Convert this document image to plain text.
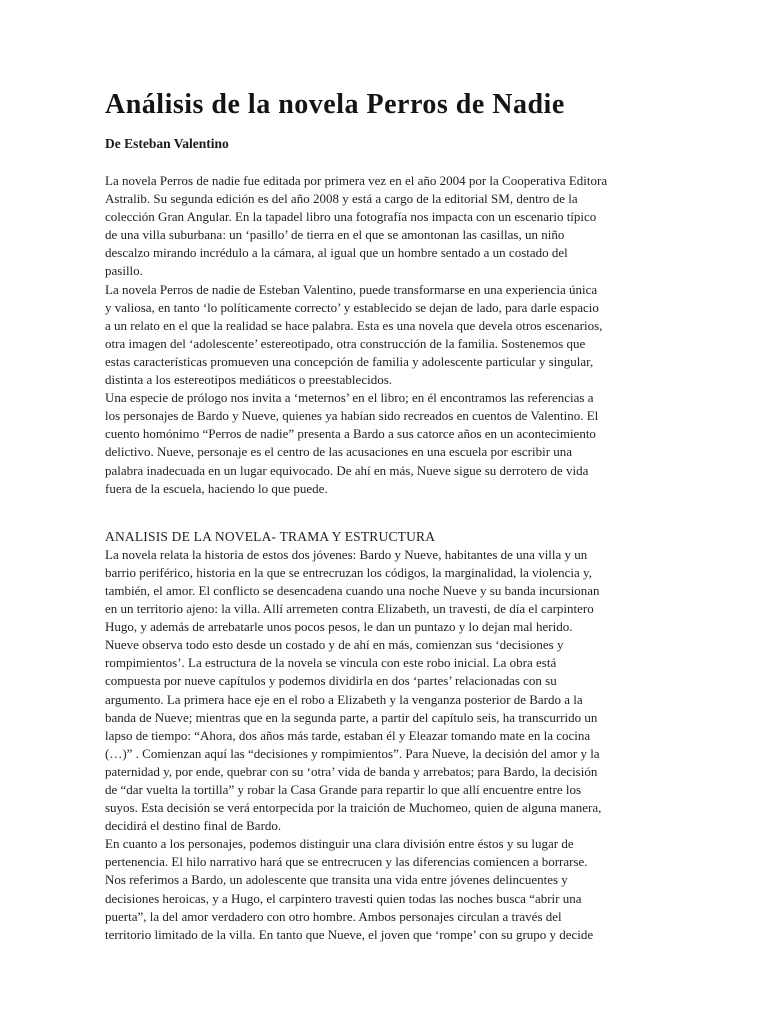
Análisis de la novela Perros de Nadie
De Esteban Valentino

La novela Perros de nadie fue editada por primera vez en el año 2004 por la Cooperativa Editora
Astralib. Su segunda edición es del año 2008 y está a cargo de la editorial SM, dentro de la
colección Gran Angular. En la tapadel libro una fotografía nos impacta con un escenario típico
de una villa suburbana: un ‘pasillo’ de tierra en el que se amontonan las casillas, un niño
descalzo mirando incrédulo a la cámara, al igual que un hombre sentado a un costado del
pasillo.

La novela Perros de nadie de Esteban Valentino, puede transformarse en una experiencia única
y valiosa, en tanto ‘lo políticamente correcto’ y establecido se dejan de lado, para darle espacio
a un relato en el que la realidad se hace palabra. Esta es una novela que devela otros escenarios,
otra imagen del ‘adolescente’ estereotipado, otra construcción de la familia. Sostenemos que
estas características promueven una concepción de familia y adolescente particular y singular,
distinta a los estereotipos mediáticos o preestablecidos.

Una especie de prólogo nos invita a ‘meternos’ en el libro; en él encontramos las referencias a
los personajes de Bardo y Nueve, quienes ya habían sido recreados en cuentos de Valentino. El
cuento homónimo “Perros de nadie” presenta a Bardo a sus catorce años en un acontecimiento
delictivo. Nueve, personaje es el centro de las acusaciones en una escuela por escribir una
palabra inadecuada en un lugar equivocado. De ahí en más, Nueve sigue su derrotero de vida
fuera de la escuela, haciendo lo que puede.

ANALISIS DE LA NOVELA- TRAMA Y ESTRUCTURA

La novela relata la historia de estos dos jóvenes: Bardo y Nueve, habitantes de una villa y un
barrio periférico, historia en la que se entrecruzan los códigos, la marginalidad, la violencia y,
también, el amor. El conflicto se desencadena cuando una noche Nueve y su banda incursionan
en un territorio ajeno: la villa. Allí arremeten contra Elizabeth, un travesti, de día el carpintero
Hugo, y además de arrebatarle unos pocos pesos, le dan un puntazo y lo dejan mal herido.
Nueve observa todo esto desde un costado y de ahí en más, comienzan sus ‘decisiones y
rompimientos’. La estructura de la novela se vincula con este robo inicial. La obra está
compuesta por nueve capítulos y podemos dividirla en dos ‘partes’ relacionadas con su
argumento. La primera hace eje en el robo a Elizabeth y la venganza posterior de Bardo a la
banda de Nueve; mientras que en la segunda parte, a partir del capítulo seis, ha transcurrido un
lapso de tiempo: “Ahora, dos años más tarde, estaban él y Eleazar tomando mate en la cocina
(…)” . Comienzan aquí las “decisiones y rompimientos”. Para Nueve, la decisión del amor y la
paternidad y, por ende, quebrar con su ‘otra’ vida de banda y arrebatos; para Bardo, la decisión
de “dar vuelta la tortilla” y robar la Casa Grande para repartir lo que allí encuentre entre los
suyos. Esta decisión se verá entorpecida por la traición de Muchomeo, quien de alguna manera,
decidirá el destino final de Bardo.

En cuanto a los personajes, podemos distinguir una clara división entre éstos y su lugar de
pertenencia. El hilo narrativo hará que se entrecrucen y las diferencias comiencen a borrarse.
Nos referimos a Bardo, un adolescente que transita una vida entre jóvenes delincuentes y
decisiones heroicas, y a Hugo, el carpintero travesti quien todas las noches busca “abrir una
puerta”, la del amor verdadero con otro hombre. Ambos personajes circulan a través del
territorio limitado de la villa. En tanto que Nueve, el joven que ‘rompe’ con su grupo y decide
